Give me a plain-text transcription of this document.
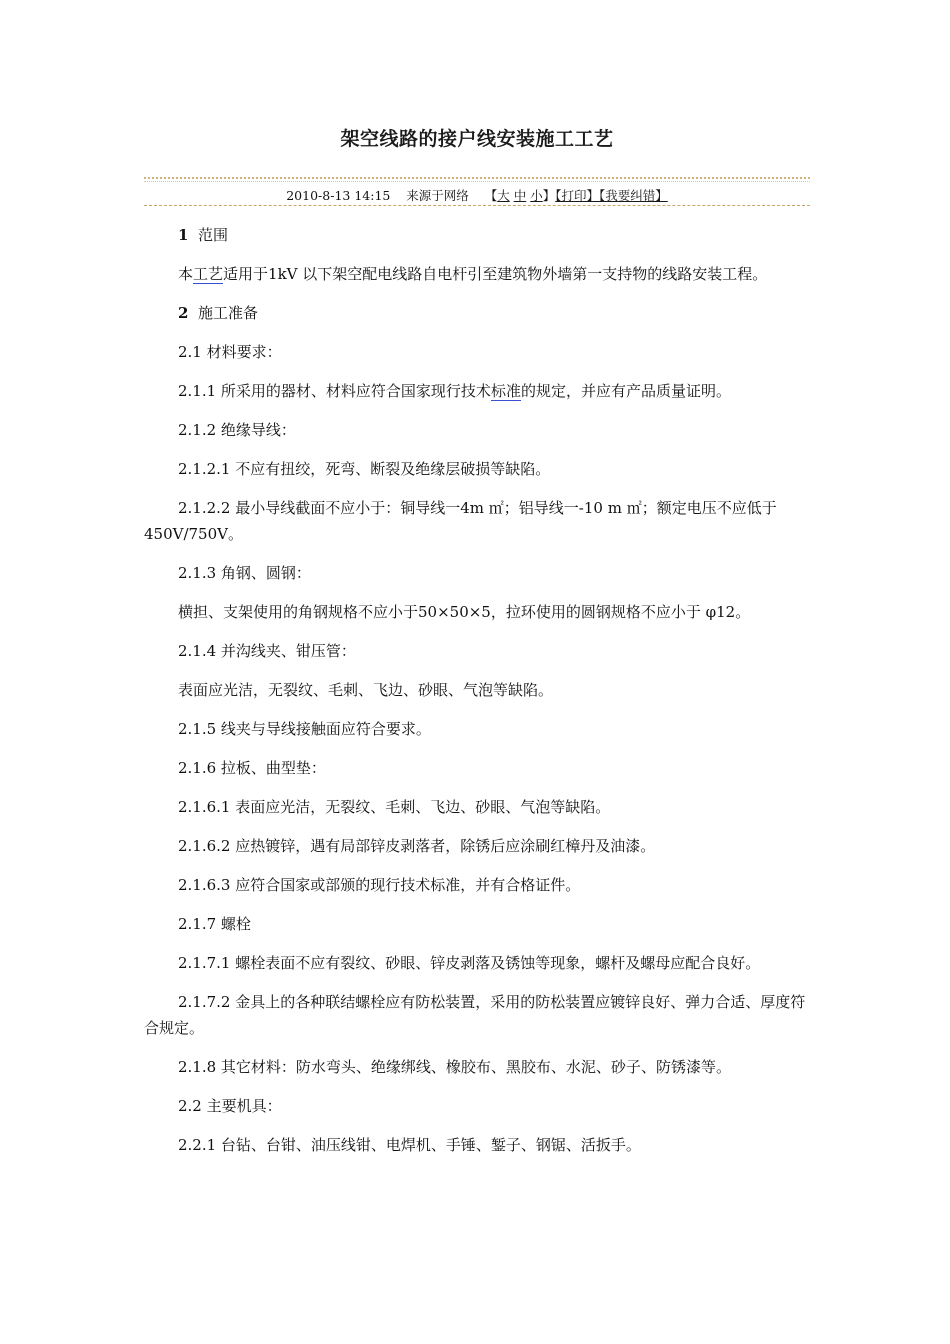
架空线路的接户线安装施工工艺
2010-8-13 14:15 来源于网络 【大 中 小】【打印】【我要纠错】

1 范围

本工艺适用于1kV 以下架空配电线路自电杆引至建筑物外墙第一支持物的线路安装工程。

2 施工准备

2.1 材料要求：

2.1.1 所采用的器材、材料应符合国家现行技术标准的规定，并应有产品质量证明。

2.1.2 绝缘导线：

2.1.2.1 不应有扭绞，死弯、断裂及绝缘层破损等缺陷。

2.1.2.2 最小导线截面不应小于：铜导线一4m ㎡；铝导线一-10 m ㎡；额定电压不应低于450V/750V。

2.1.3 角钢、圆钢：

横担、支架使用的角钢规格不应小于50×50×5，拉环使用的圆钢规格不应小于 φ12。

2.1.4 并沟线夹、钳压管：

表面应光洁，无裂纹、毛刺、飞边、砂眼、气泡等缺陷。

2.1.5 线夹与导线接触面应符合要求。

2.1.6 拉板、曲型垫：

2.1.6.1 表面应光洁，无裂纹、毛刺、飞边、砂眼、气泡等缺陷。

2.1.6.2 应热镀锌，遇有局部锌皮剥落者，除锈后应涂刷红樟丹及油漆。

2.1.6.3 应符合国家或部颁的现行技术标准，并有合格证件。

2.1.7 螺栓

2.1.7.1 螺栓表面不应有裂纹、砂眼、锌皮剥落及锈蚀等现象，螺杆及螺母应配合良好。

2.1.7.2 金具上的各种联结螺栓应有防松装置，采用的防松装置应镀锌良好、弹力合适、厚度符合规定。

2.1.8 其它材料：防水弯头、绝缘绑线、橡胶布、黑胶布、水泥、砂子、防锈漆等。

2.2 主要机具：

2.2.1 台钻、台钳、油压线钳、电焊机、手锤、錾子、钢锯、活扳手。
